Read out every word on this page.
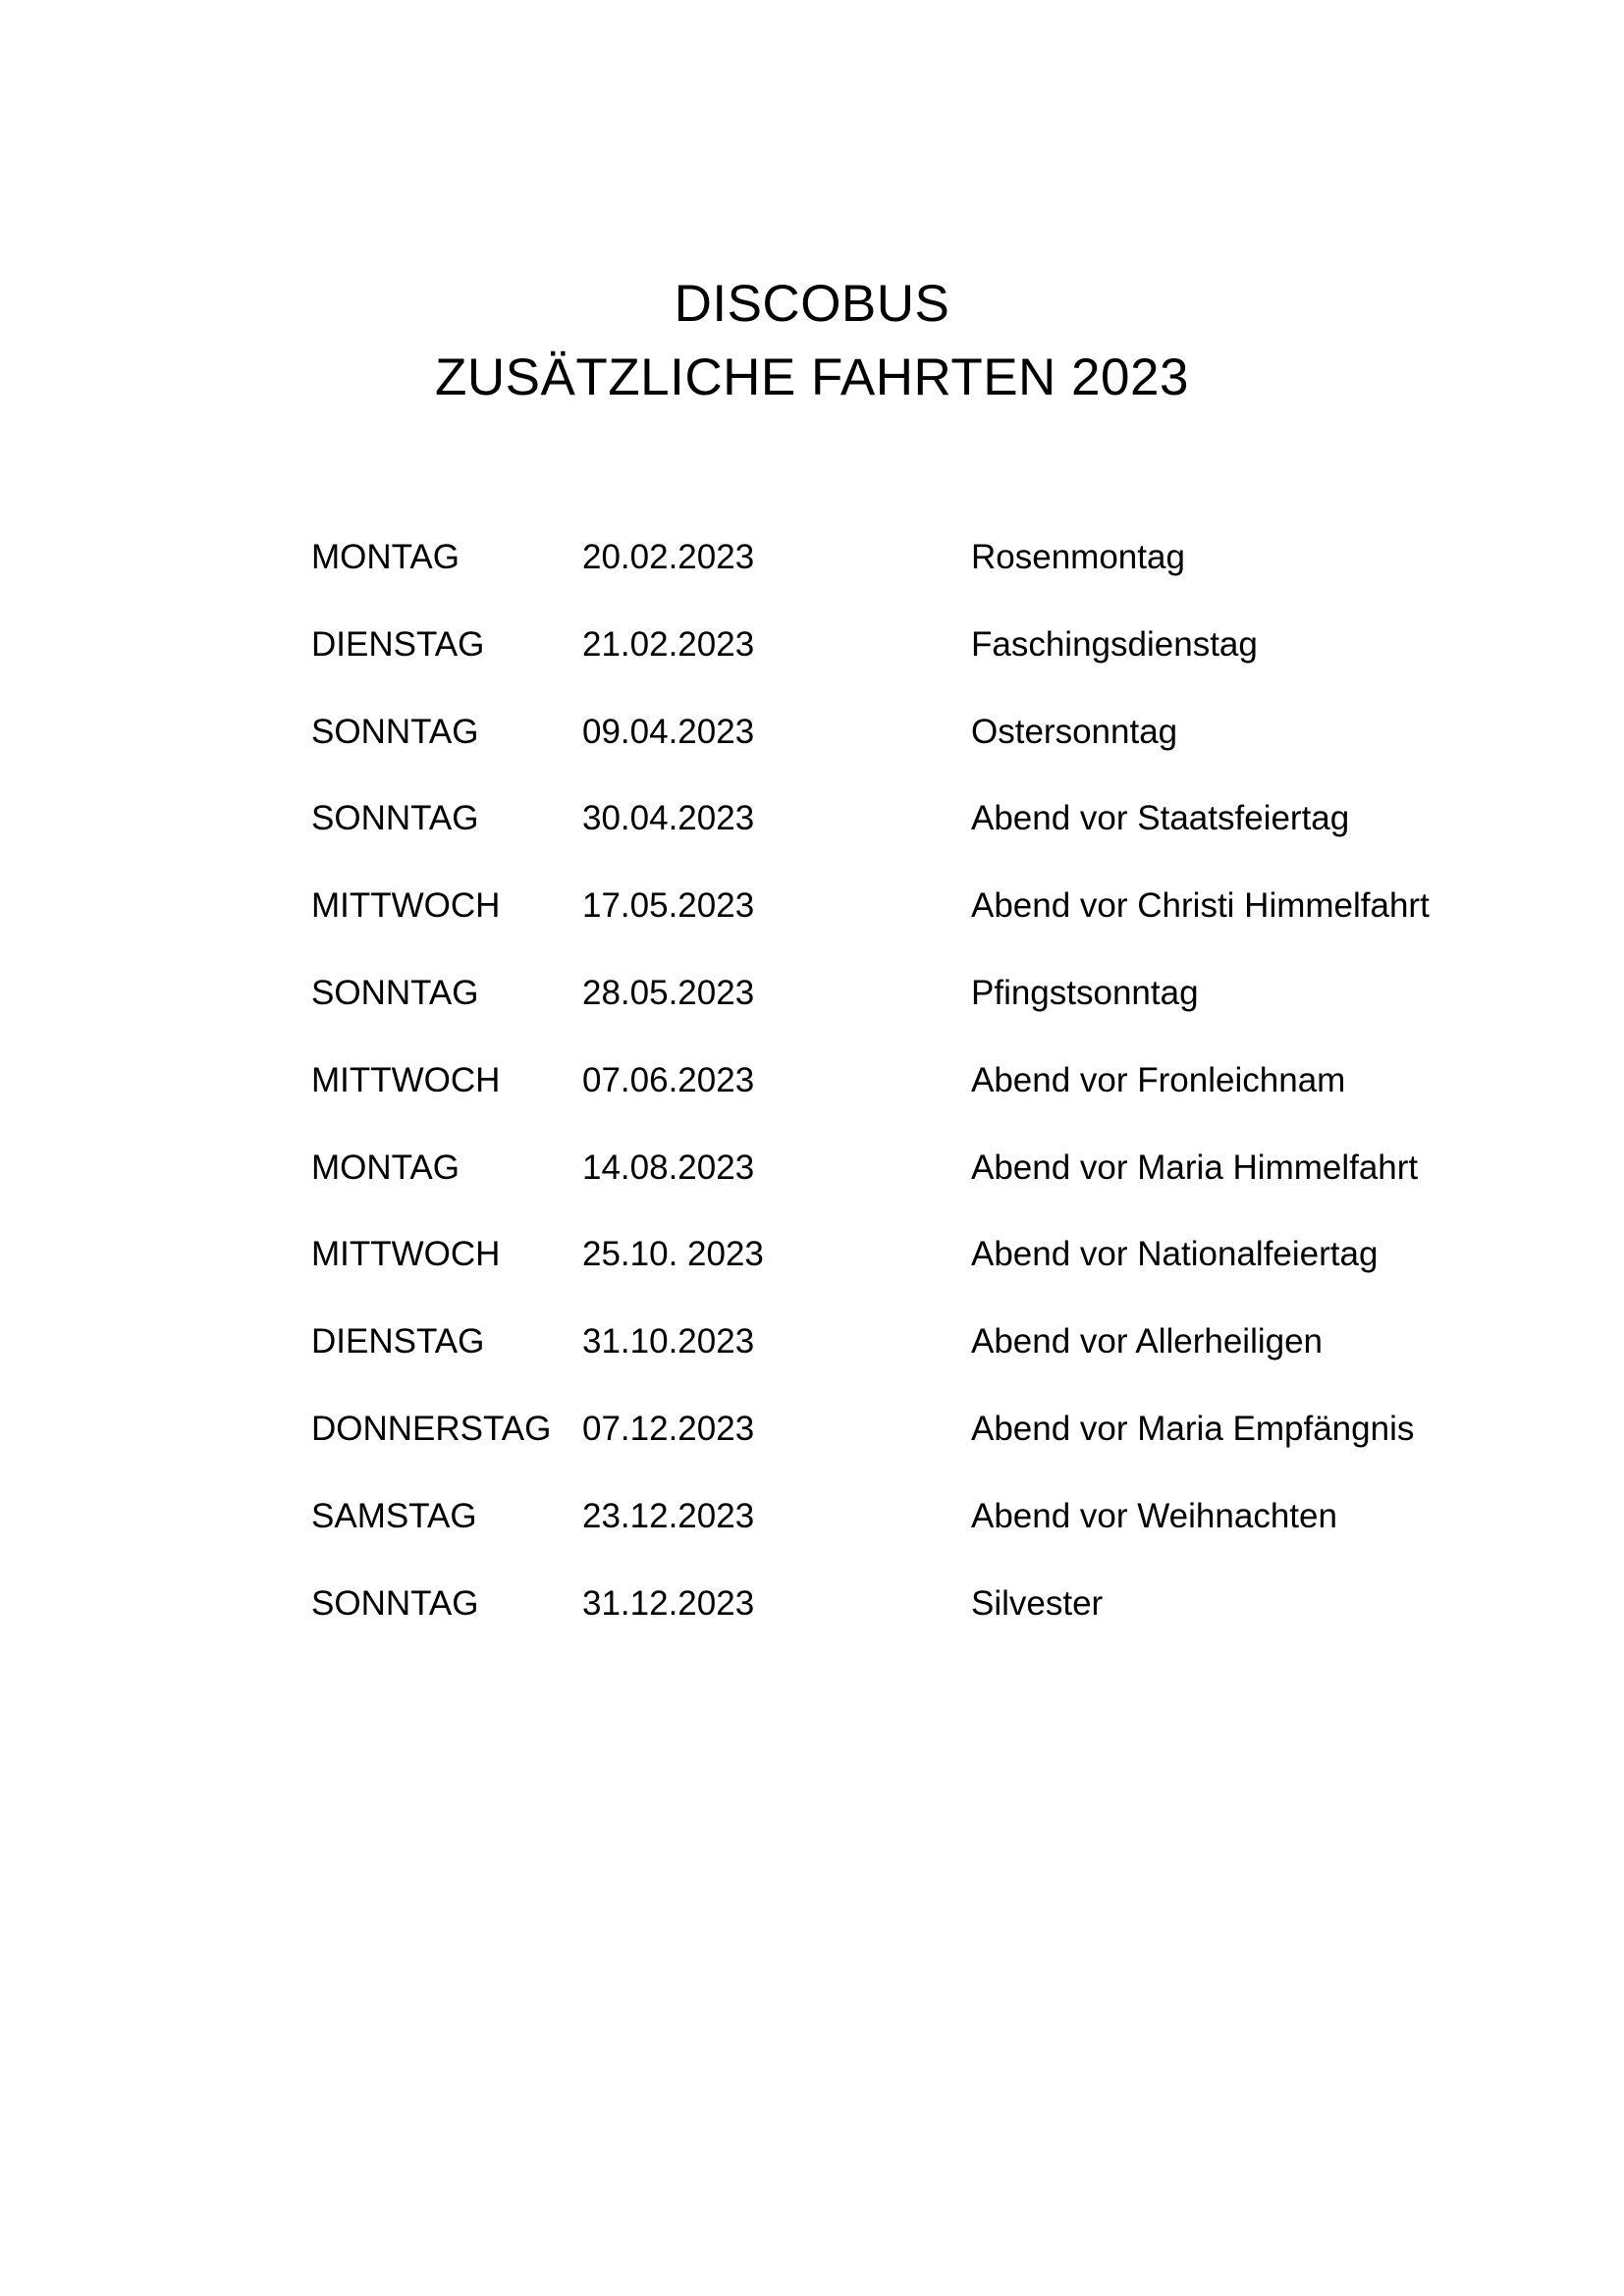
DISCOBUS
ZUSÄTZLICHE FAHRTEN 2023
MONTAG	20.02.2023	Rosenmontag
DIENSTAG	21.02.2023	Faschingsdienstag
SONNTAG	09.04.2023	Ostersonntag
SONNTAG	30.04.2023	Abend vor Staatsfeiertag
MITTWOCH 17.05.2023	Abend vor Christi Himmelfahrt
SONNTAG	28.05.2023	Pfingstsonntag
MITTWOCH 07.06.2023	Abend vor Fronleichnam
MONTAG	14.08.2023	Abend vor Maria Himmelfahrt
MITTWOCH 25.10. 2023	Abend vor Nationalfeiertag
DIENSTAG	31.10.2023	Abend vor Allerheiligen
DONNERSTAG 07.12.2023	Abend vor Maria Empfängnis
SAMSTAG	23.12.2023	Abend vor Weihnachten
SONNTAG	31.12.2023	Silvester
